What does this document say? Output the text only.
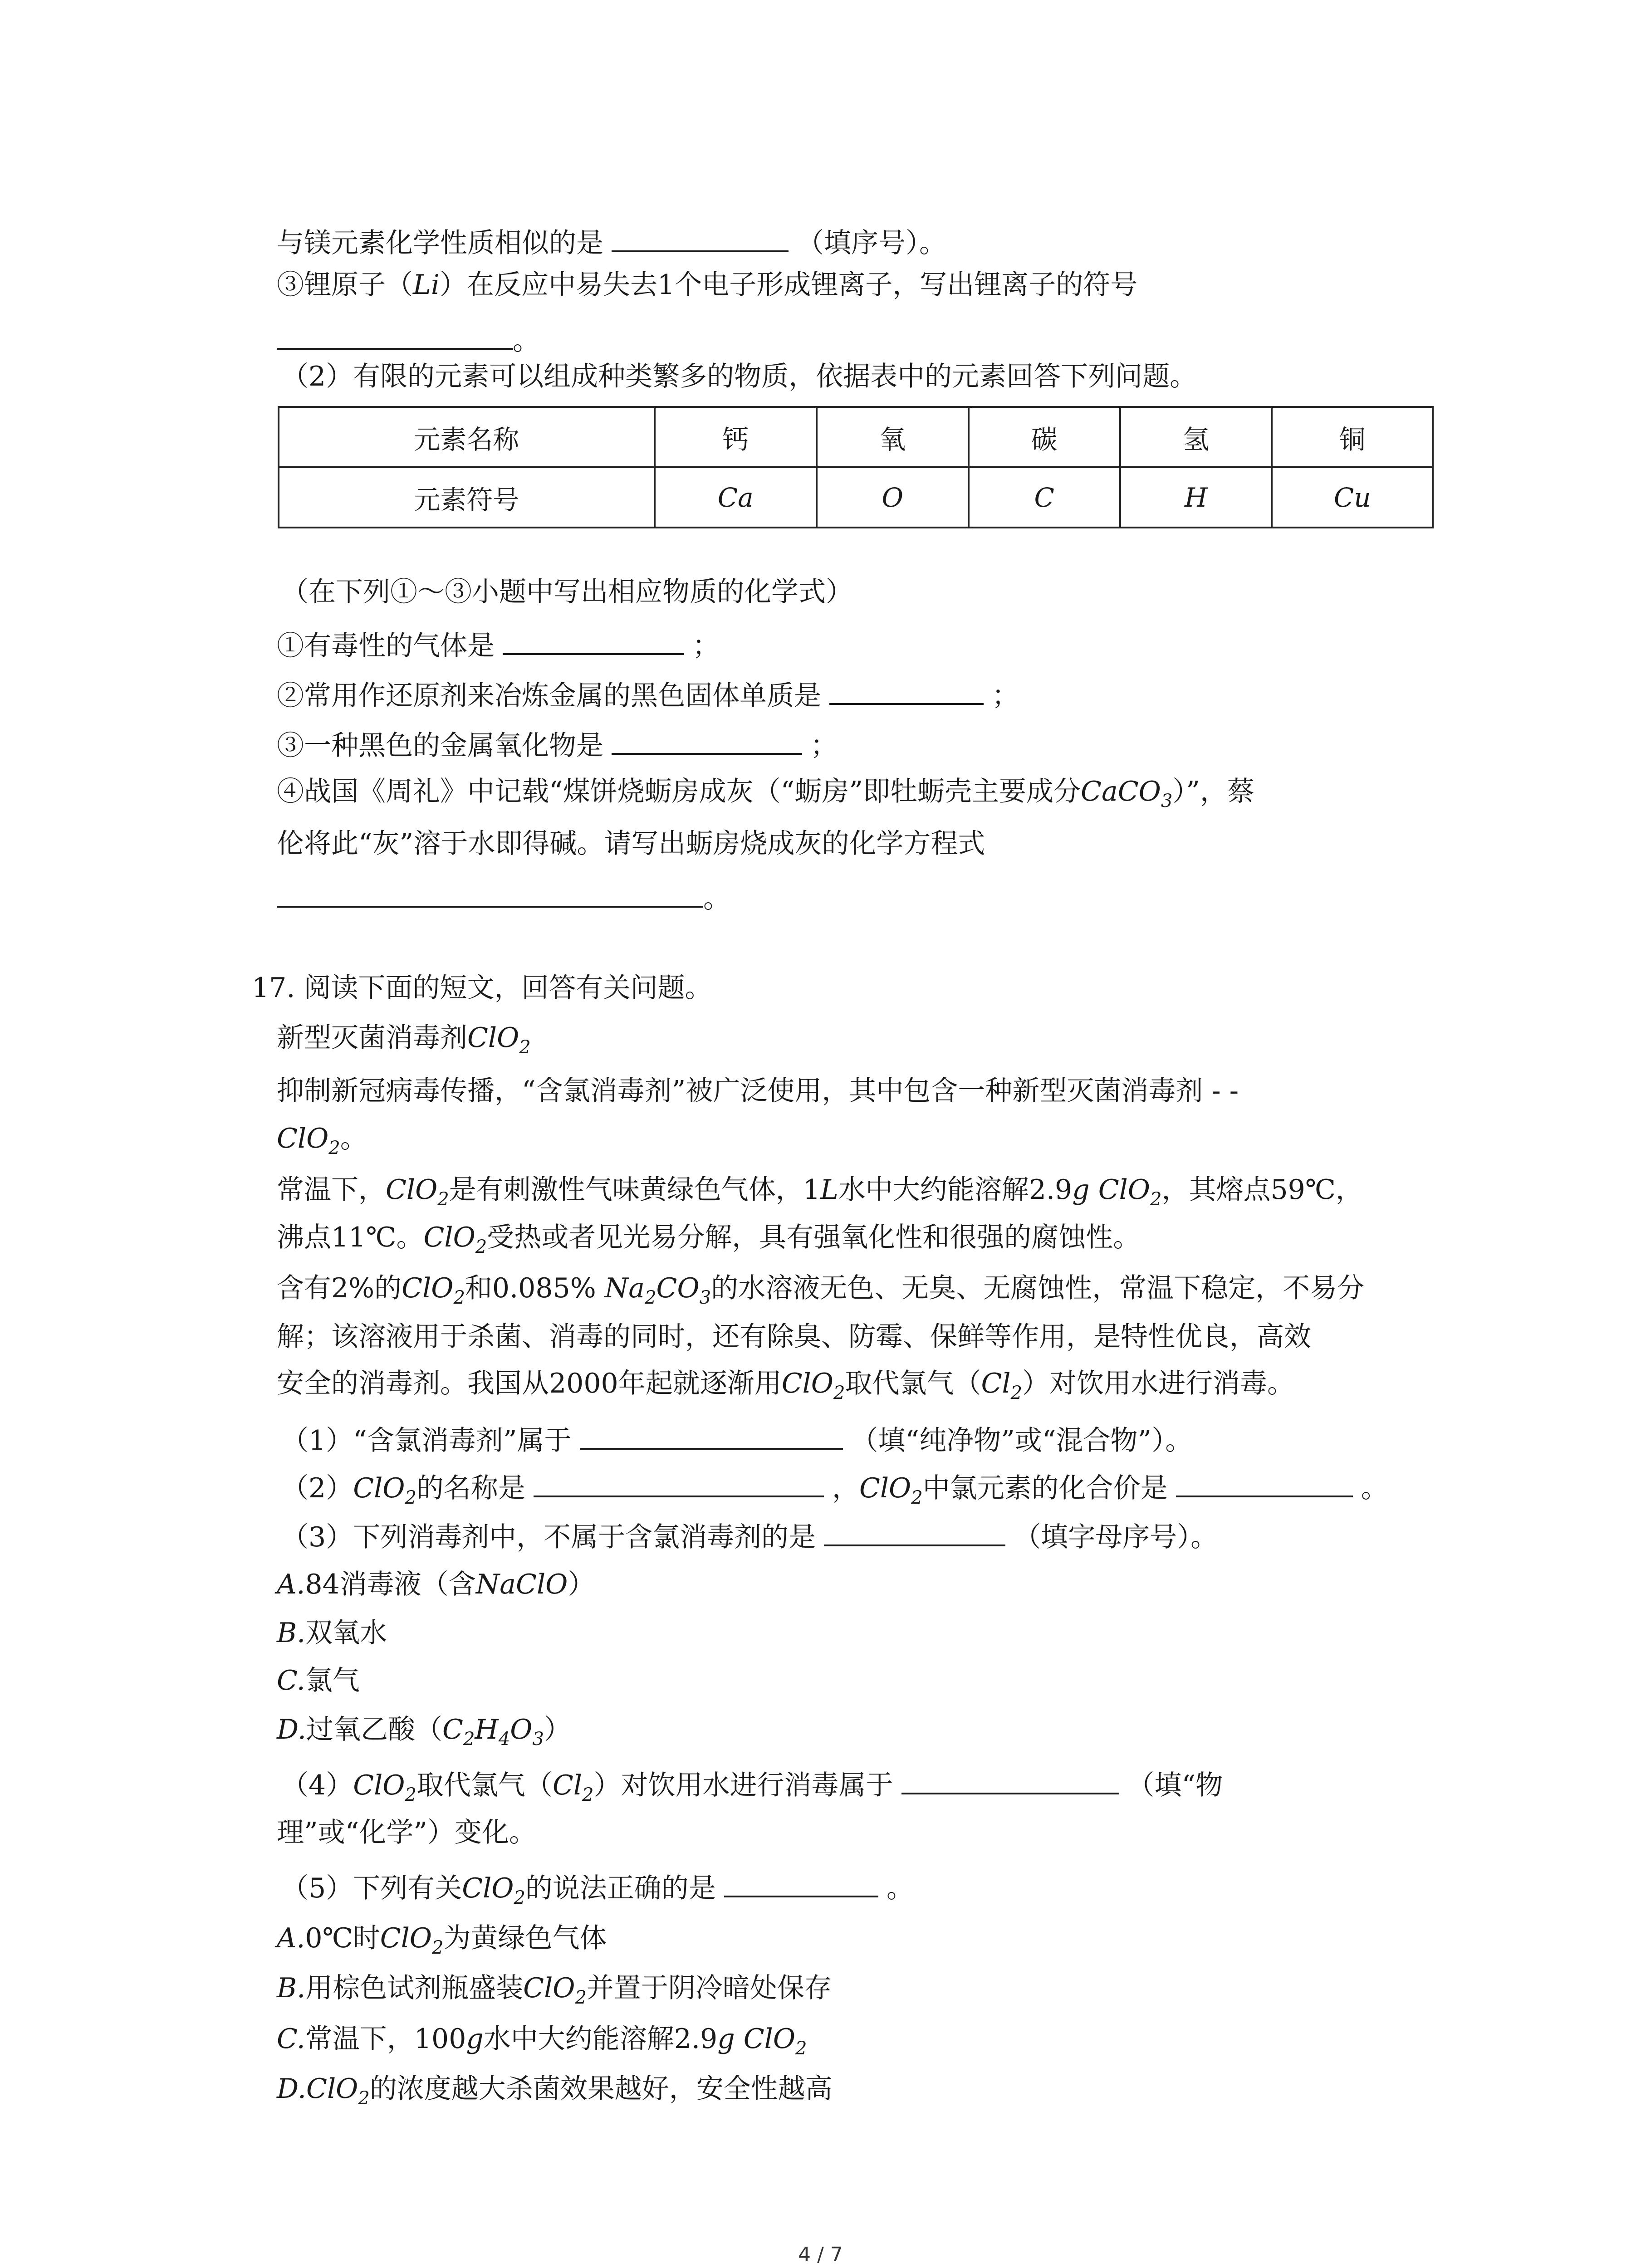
与镁元素化学性质相似的是	（填序号）。
③锂原子（Li）在反应中易失去1个电子形成锂离子，写出锂离子的符号
。
（2）有限的元素可以组成种类繁多的物质，依据表中的元素回答下列问题。
元素名称	钙	氧	碳	氢	铜
元素符号	Ca	O	C	H	Cu
（在下列①～③小题中写出相应物质的化学式）
①有毒性的气体是	；
②常用作还原剂来冶炼金属的黑色固体单质是	；
③一种黑色的金属氧化物是	；
④战国《周礼》中记载“煤饼烧蛎房成灰（“蛎房”即牡蛎壳主要成分CaCO$_3$）”，蔡
伦将此“灰”溶于水即得碱。请写出蛎房烧成灰的化学方程式
。
17. 阅读下面的短文，回答有关问题。
新型灭菌消毒剂ClO$_2$
抑制新冠病毒传播，“含氯消毒剂”被广泛使用，其中包含一种新型灭菌消毒剂 - -
ClO$_2$。
常温下，ClO$_2$是有刺激性气味黄绿色气体，1L水中大约能溶解2.9g ClO$_2$，其熔点59℃，
沸点11℃。ClO$_2$受热或者见光易分解，具有强氧化性和很强的腐蚀性。
含有2%的ClO$_2$和0.085% $Na_2CO_3$的水溶液无色、无臭、无腐蚀性，常温下稳定，不易分
解；该溶液用于杀菌、消毒的同时，还有除臭、防霉、保鲜等作用，是特性优良，高效
安全的消毒剂。我国从2000年起就逐渐用ClO$_2$取代氯气$(Cl_2)$对饮用水进行消毒。
（1）“含氯消毒剂”属于	（填“纯净物”或“混合物”）。
（2）ClO$_2$的名称是	，ClO$_2$中氯元素的化合价是	。
（3）下列消毒剂中，不属于含氯消毒剂的是	（填字母序号）。
A.84消毒液（含NaClO）
B.双氧水
C.氯气
D.过氧乙酸$(C_2H_4O_3)$
（4）ClO$_2$取代氯气$(Cl_2)$对饮用水进行消毒属于	（填“物
理”或“化学”）变化。
（5）下列有关ClO$_2$的说法正确的是	。
A.0℃时ClO$_2$为黄绿色气体
B.用棕色试剂瓶盛装ClO$_2$并置于阴冷暗处保存
C.常温下，100g水中大约能溶解2.9g ClO$_2$
D.ClO$_2$的浓度越大杀菌效果越好，安全性越高
4 / 7
